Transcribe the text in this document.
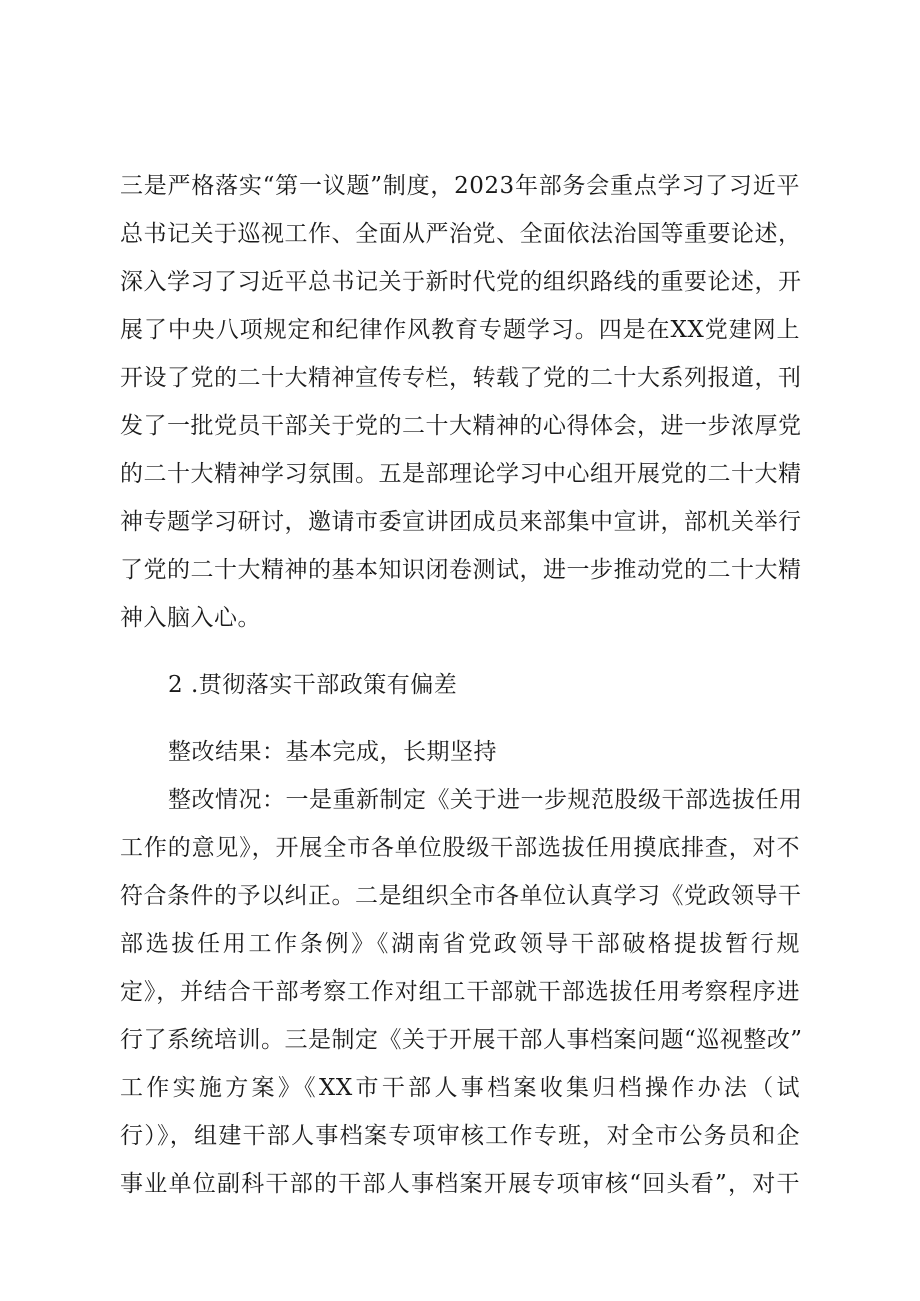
三是严格落实“第一议题”制度，2023年部务会重点学习了习近平
总书记关于巡视工作、全面从严治党、全面依法治国等重要论述，
深入学习了习近平总书记关于新时代党的组织路线的重要论述，开
展了中央八项规定和纪律作风教育专题学习。四是在XX党建网上
开设了党的二十大精神宣传专栏，转载了党的二十大系列报道，刊
发了一批党员干部关于党的二十大精神的心得体会，进一步浓厚党
的二十大精神学习氛围。五是部理论学习中心组开展党的二十大精
神专题学习研讨，邀请市委宣讲团成员来部集中宣讲，部机关举行
了党的二十大精神的基本知识闭卷测试，进一步推动党的二十大精
神入脑入心。
2 .贯彻落实干部政策有偏差
整改结果：基本完成，长期坚持
整改情况：一是重新制定《关于进一步规范股级干部选拔任用
工作的意见》，开展全市各单位股级干部选拔任用摸底排查，对不
符合条件的予以纠正。二是组织全市各单位认真学习《党政领导干
部选拔任用工作条例》《湖南省党政领导干部破格提拔暂行规
定》，并结合干部考察工作对组工干部就干部选拔任用考察程序进
行了系统培训。三是制定《关于开展干部人事档案问题“巡视整改”
工作实施方案》《XX市干部人事档案收集归档操作办法（试
行）》，组建干部人事档案专项审核工作专班，对全市公务员和企
事业单位副科干部的干部人事档案开展专项审核“回头看”，对干
